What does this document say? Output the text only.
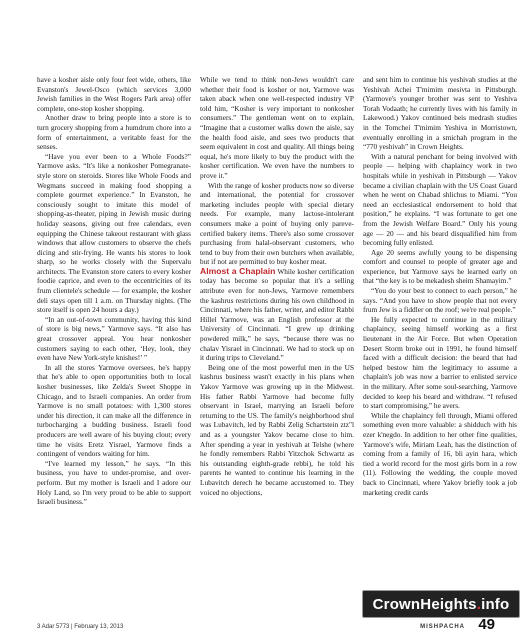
have a kosher aisle only four feet wide, others, like Evanston's Jewel-Osco (which services 3,000 Jewish families in the West Rogers Park area) offer complete, one-stop kosher shopping.

Another draw to bring people into a store is to turn grocery shopping from a humdrum chore into a form of entertainment, a veritable feast for the senses.

“Have you ever been to a Whole Foods?” Yarmove asks. “It's like a nonkosher Pomegranate-style store on steroids. Stores like Whole Foods and Wegmans succeed in making food shopping a complete gourmet experience.” In Evanston, he consciously sought to imitate this model of shopping-as-theater, piping in Jewish music during holiday seasons, giving out free calendars, even equipping the Chinese takeout restaurant with glass windows that allow customers to observe the chefs dicing and stir-frying. He wants his stores to look sharp, so he works closely with the Supervalu architects. The Evanston store caters to every kosher foodie caprice, and even to the eccentricities of its frum clientele's schedule — for example, the kosher deli stays open till 1 a.m. on Thursday nights. (The store itself is open 24 hours a day.)

“In an out-of-town community, having this kind of store is big news,” Yarmove says. “It also has great crossover appeal. You hear nonkosher customers saying to each other, ‘Hey, look, they even have New York-style knishes!’ ”

In all the stores Yarmove oversees, he's happy that he's able to open opportunities both to local kosher businesses, like Zelda's Sweet Shoppe in Chicago, and to Israeli companies. An order from Yarmove is no small potatoes: with 1,300 stores under his direction, it can make all the difference in turbocharging a budding business. Israeli food producers are well aware of his buying clout; every time he visits Eretz Yisrael, Yarmove finds a contingent of vendors waiting for him.

“I've learned my lesson,” he says. “In this business, you have to under-promise, and over-perform. But my mother is Israeli and I adore our Holy Land, so I'm very proud to be able to support Israeli business.”

While we tend to think non-Jews wouldn't care whether their food is kosher or not, Yarmove was taken aback when one well-respected industry VP told him, “Kosher is very important to nonkosher consumers.” The gentleman went on to explain, “Imagine that a customer walks down the aisle, say the health food aisle, and sees two products that seem equivalent in cost and quality. All things being equal, he's more likely to buy the product with the kosher certification. We even have the numbers to prove it.”

With the range of kosher products now so diverse and international, the potential for crossover marketing includes people with special dietary needs. For example, many lactose-intolerant consumers make a point of buying only pareve-certified bakery items. There's also some crossover purchasing from halal-observant customers, who tend to buy from their own butchers when available, but if not are permitted to buy kosher meat.

Almost a Chaplain While kosher certification today has become so popular that it's a selling attribute even for non-Jews, Yarmove remembers the kashrus restrictions during his own childhood in Cincinnati, where his father, writer, and editor Rabbi Hillel Yarmove, was an English professor at the University of Cincinnati. “I grew up drinking powdered milk,” he says, “because there was no chalav Yisrael in Cincinnati. We had to stock up on it during trips to Cleveland.”

Being one of the most powerful men in the US kashrus business wasn't exactly in his plans when Yakov Yarmove was growing up in the Midwest. His father Rabbi Yarmove had become fully observant in Israel, marrying an Israeli before returning to the US. The family's neighborhood shul was Lubavitch, led by Rabbi Zelig Schartstein ztz"l and as a youngster Yakov became close to him. After spending a year in yeshivah at Telshe (where he fondly remembers Rabbi Yitzchok Schwartz as his outstanding eighth-grade rebbi), he told his parents he wanted to continue his learning in the Lubavitch derech he became accustomed to. They voiced no objections,

and sent him to continue his yeshivah studies at the Yeshivah Achei T'mimim mesivta in Pittsburgh. (Yarmove's younger brother was sent to Yeshiva Torah Vodaath; he currently lives with his family in Lakewood.) Yakov continued beis medrash studies in the Tomchei T'mimim Yeshiva in Morristown, eventually enrolling in a smichah program in the “770 yeshivah” in Crown Heights.

With a natural penchant for being involved with people — helping with chaplaincy work in two hospitals while in yeshivah in Pittsburgh — Yakov became a civilian chaplain with the US Coast Guard when he went on Chabad shlichus to Miami. “You need an ecclesiastical endorsement to hold that position,” he explains. “I was fortunate to get one from the Jewish Welfare Board.” Only his young age — 20 — and his beard disqualified him from becoming fully enlisted.

Age 20 seems awfully young to be dispensing comfort and counsel to people of greater age and experience, but Yarmove says he learned early on that “the key is to be mekadesh sheim Shamayim.”

“You do your best to connect to each person,” he says. “And you have to show people that not every frum Jew is a fiddler on the roof; we're real people.”

He fully expected to continue in the military chaplaincy, seeing himself working as a first lieutenant in the Air Force. But when Operation Desert Storm broke out in 1991, he found himself faced with a difficult decision: the beard that had helped bestow him the legitimacy to assume a chaplain's job was now a barrier to enlisted service in the military. After some soul-searching, Yarmove decided to keep his beard and withdraw. “I refused to start compromising,” he avers.

While the chaplaincy fell through, Miami offered something even more valuable: a shidduch with his ezer k'negdo. In addition to her other fine qualities, Yarmove's wife, Miriam Leah, has the distinction of coming from a family of 16, bli ayin hara, which tied a world record for the most girls born in a row (11). Following the wedding, the couple moved back to Cincinnati, where Yakov briefly took a job marketing credit cards

CrownHeights . info
3 Adar 5773 | February 13, 2013	MISHPACHA 49
